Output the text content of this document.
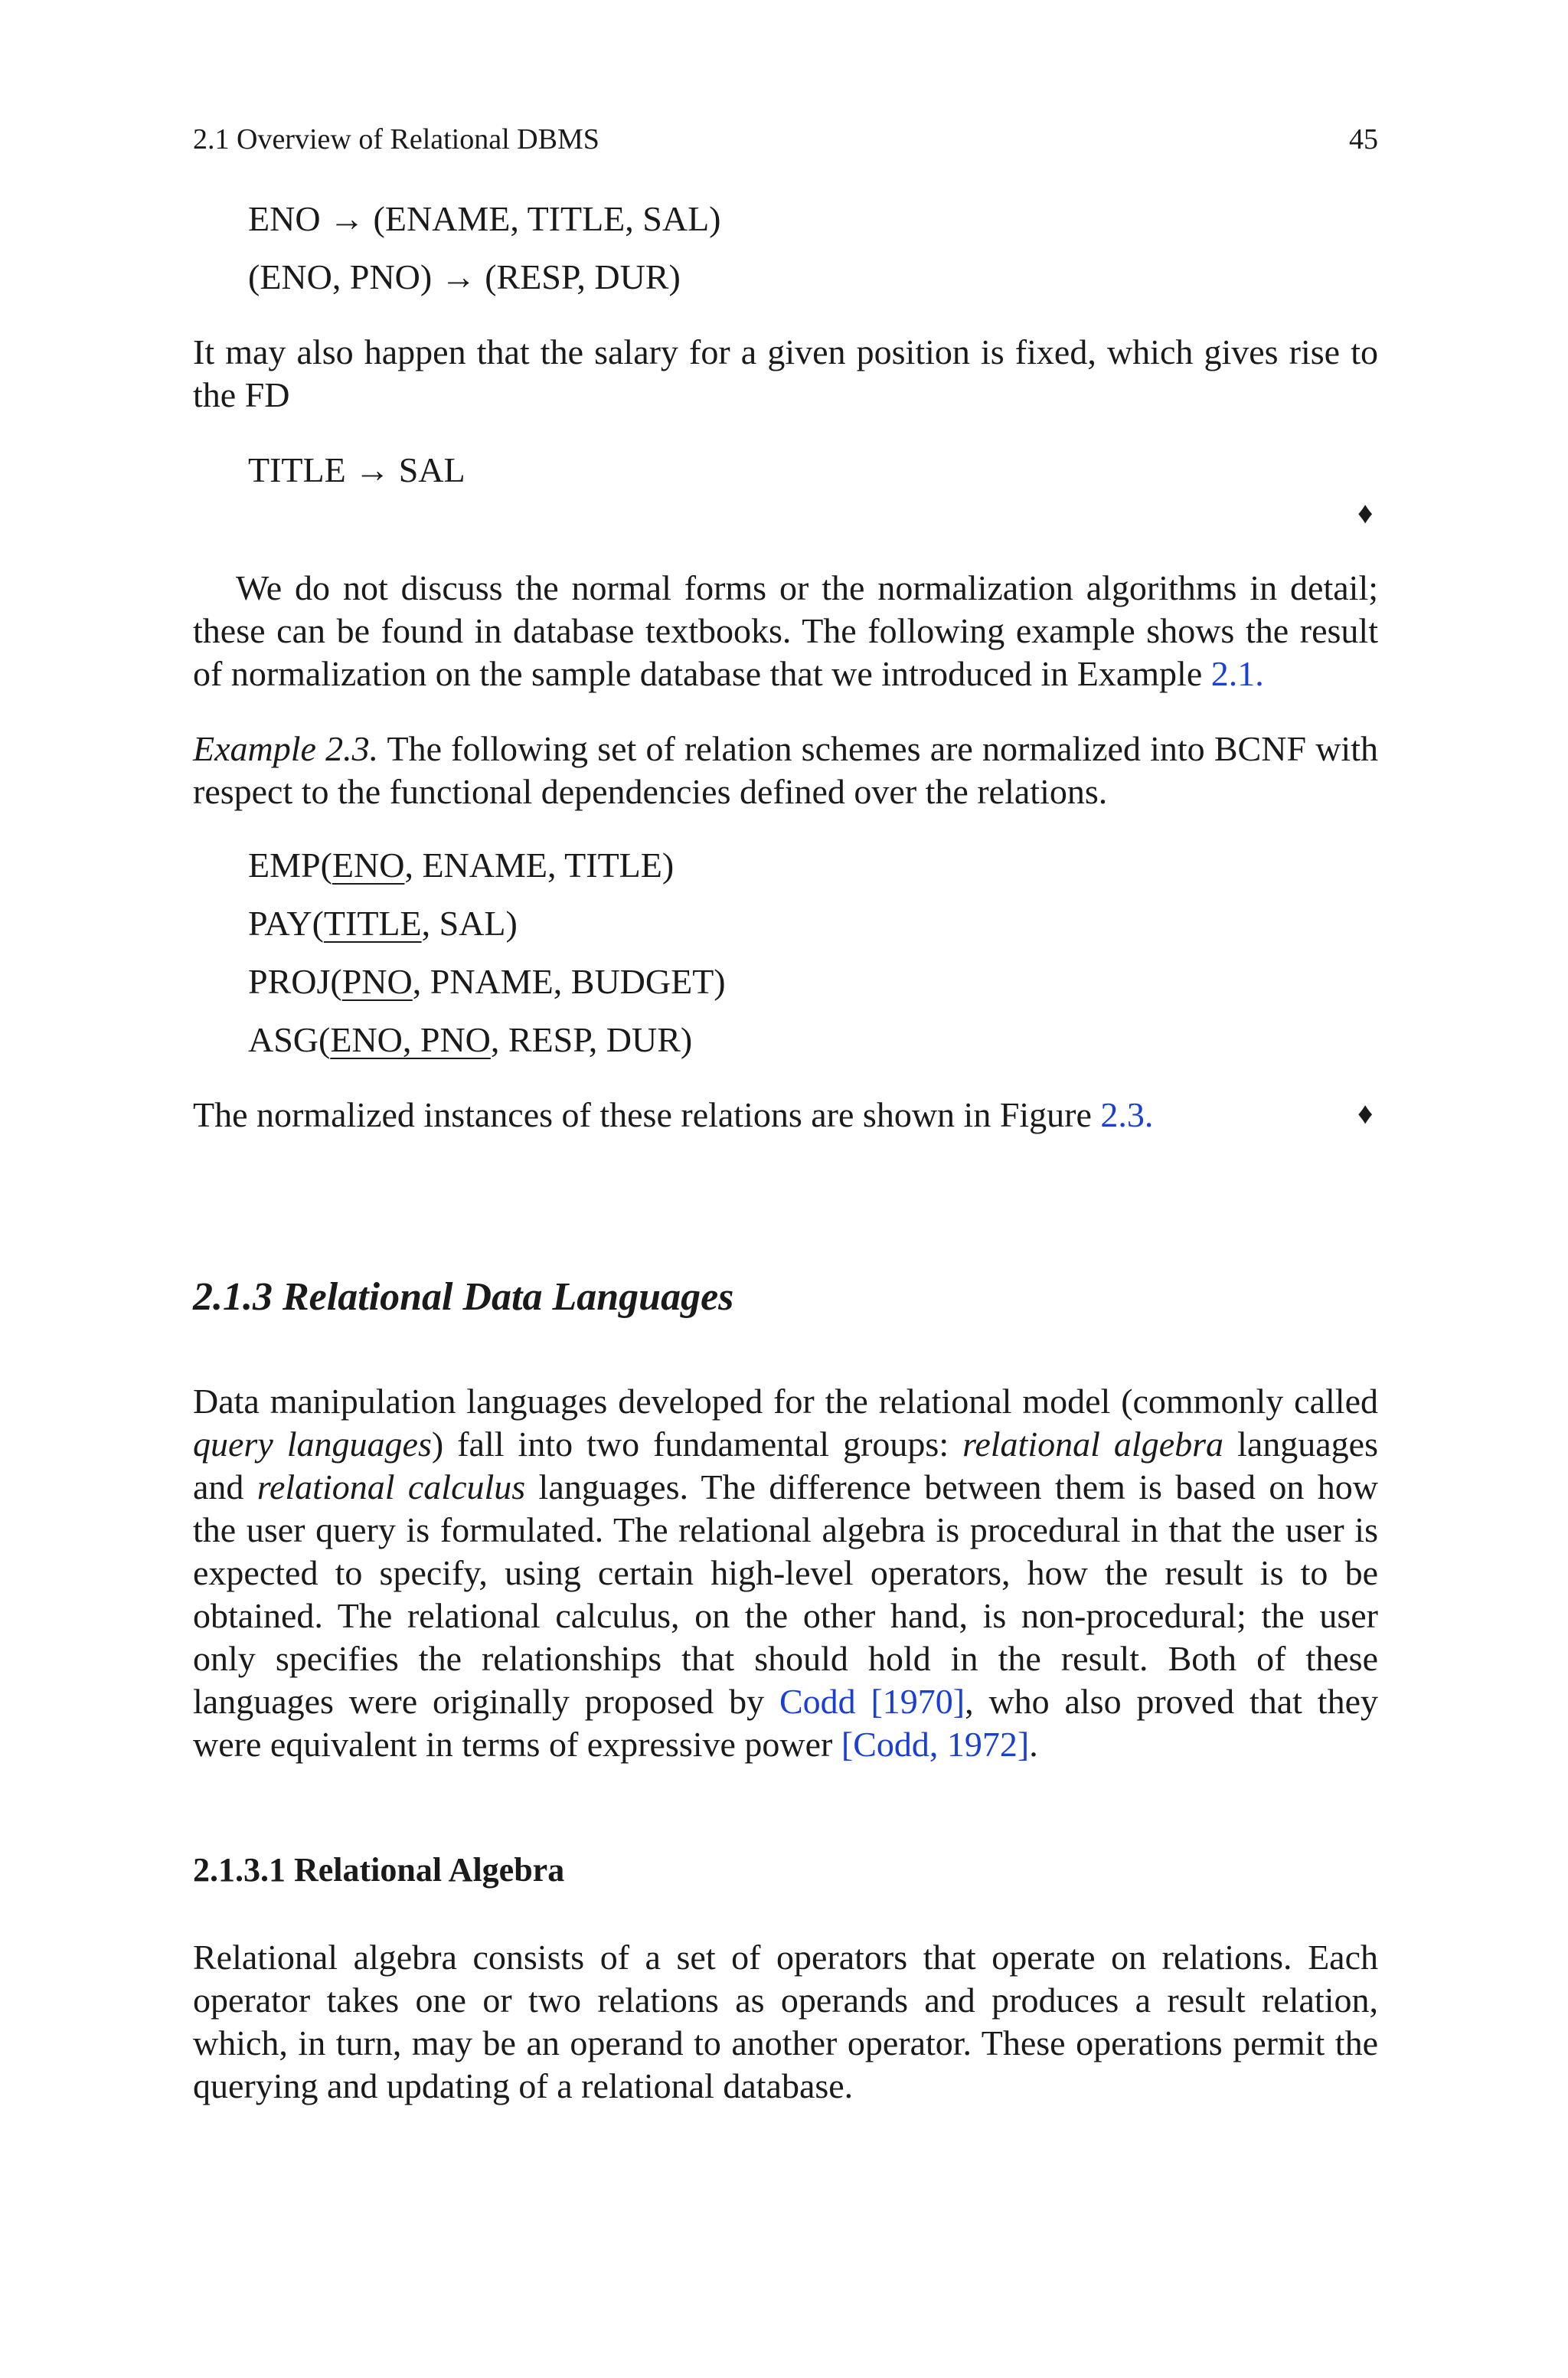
2.1 Overview of Relational DBMS	45
ENO → (ENAME, TITLE, SAL)
(ENO, PNO) → (RESP, DUR)
It may also happen that the salary for a given position is fixed, which gives rise to the FD
TITLE → SAL
♦
We do not discuss the normal forms or the normalization algorithms in detail; these can be found in database textbooks. The following example shows the result of normalization on the sample database that we introduced in Example 2.1.
Example 2.3. The following set of relation schemes are normalized into BCNF with respect to the functional dependencies defined over the relations.
EMP(ENO, ENAME, TITLE)
PAY(TITLE, SAL)
PROJ(PNO, PNAME, BUDGET)
ASG(ENO, PNO, RESP, DUR)
The normalized instances of these relations are shown in Figure 2.3.	♦
2.1.3 Relational Data Languages
Data manipulation languages developed for the relational model (commonly called query languages) fall into two fundamental groups: relational algebra languages and relational calculus languages. The difference between them is based on how the user query is formulated. The relational algebra is procedural in that the user is expected to specify, using certain high-level operators, how the result is to be obtained. The relational calculus, on the other hand, is non-procedural; the user only specifies the relationships that should hold in the result. Both of these languages were originally proposed by Codd [1970], who also proved that they were equivalent in terms of expressive power [Codd, 1972].
2.1.3.1 Relational Algebra
Relational algebra consists of a set of operators that operate on relations. Each operator takes one or two relations as operands and produces a result relation, which, in turn, may be an operand to another operator. These operations permit the querying and updating of a relational database.
